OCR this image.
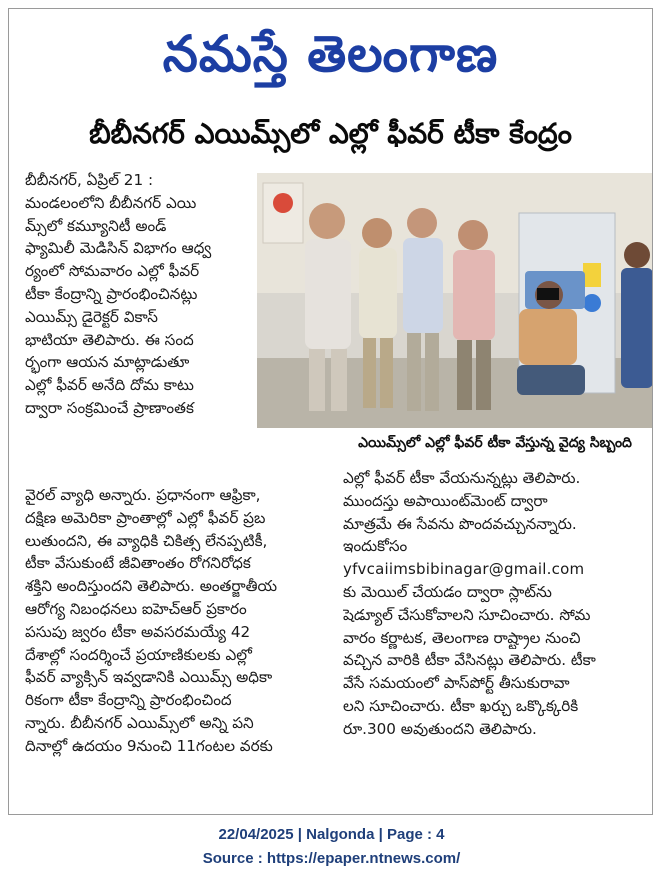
నమస్తే తెలంగాణ
బీబీనగర్ ఎయిమ్స్‌లో ఎల్లో ఫీవర్ టీకా కేంద్రం

బీబీనగర్, ఏప్రిల్ 21 :

మండలంలోని బీబీనగర్ ఎయి

మ్స్‌లో కమ్యూనిటీ అండ్

ఫ్యామిలీ మెడిసిన్ విభాగం ఆధ్వ

ర్యంలో సోమవారం ఎల్లో ఫీవర్

టీకా కేంద్రాన్ని ప్రారంభించినట్లు

ఎయిమ్స్ డైరెక్టర్ వికాస్

భాటియా తెలిపారు. ఈ సంద

ర్భంగా ఆయన మాట్లాడుతూ

ఎల్లో ఫీవర్ అనేది దోమ కాటు

ద్వారా సంక్రమించే ప్రాణాంతక

ఎయిమ్స్‌లో ఎల్లో ఫీవర్ టీకా వేస్తున్న వైద్య సిబ్బంది

వైరల్ వ్యాధి అన్నారు. ప్రధానంగా ఆఫ్రికా,

దక్షిణ అమెరికా ప్రాంతాల్లో ఎల్లో ఫీవర్ ప్రబ

లుతుందని, ఈ వ్యాధికి చికిత్స లేనప్పటికీ,

టీకా వేసుకుంటే జీవితాంతం రోగనిరోధక

శక్తిని అందిస్తుందని తెలిపారు. అంతర్జాతీయ

ఆరోగ్య నిబంధనలు ఐహెచ్ఆర్ ప్రకారం

పసుపు జ్వరం టీకా అవసరమయ్యే 42

దేశాల్లో సందర్శించే ప్రయాణికులకు ఎల్లో

ఫీవర్ వ్యాక్సిన్ ఇవ్వడానికి ఎయిమ్స్ అధికా

రికంగా టీకా కేంద్రాన్ని ప్రారంభించింద

న్నారు. బీబీనగర్ ఎయిమ్స్‌లో అన్ని పని

దినాల్లో ఉదయం 9నుంచి 11గంటల వరకు

ఎల్లో ఫీవర్ టీకా వేయనున్నట్లు తెలిపారు.

ముందస్తు అపాయింట్‌మెంట్ ద్వారా

మాత్రమే ఈ సేవను పొందవచ్చునన్నారు.

ఇందుకోసం

yfvcaiimsbibinagar@gmail.com

కు మెయిల్ చేయడం ద్వారా స్లాట్‌ను

షెడ్యూల్ చేసుకోవాలని సూచించారు. సోమ

వారం కర్ణాటక, తెలంగాణ రాష్ట్రాల నుంచి

వచ్చిన వారికి టీకా వేసినట్లు తెలిపారు. టీకా

వేసే సమయంలో పాస్‌పోర్ట్ తీసుకురావా

లని సూచించారు. టీకా ఖర్చు ఒక్కొక్కరికి

రూ.300 అవుతుందని తెలిపారు.

22/04/2025 | Nalgonda | Page : 4
Source : https://epaper.ntnews.com/
